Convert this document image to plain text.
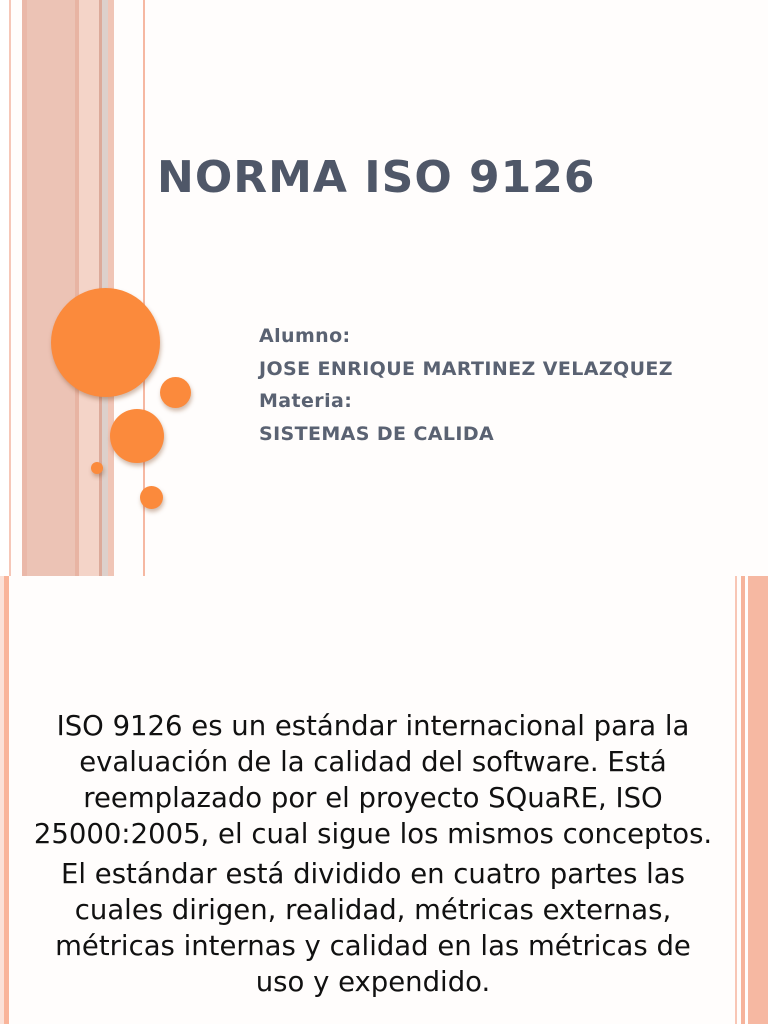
NORMA ISO 9126
Alumno:
JOSE ENRIQUE MARTINEZ VELAZQUEZ
Materia:
SISTEMAS DE CALIDA

ISO 9126 es un estándar internacional para la evaluación de la calidad del software. Está reemplazado por el proyecto SQuaRE, ISO 25000:2005, el cual sigue los mismos conceptos.

El estándar está dividido en cuatro partes las cuales dirigen, realidad, métricas externas, métricas internas y calidad en las métricas de uso y expendido.
